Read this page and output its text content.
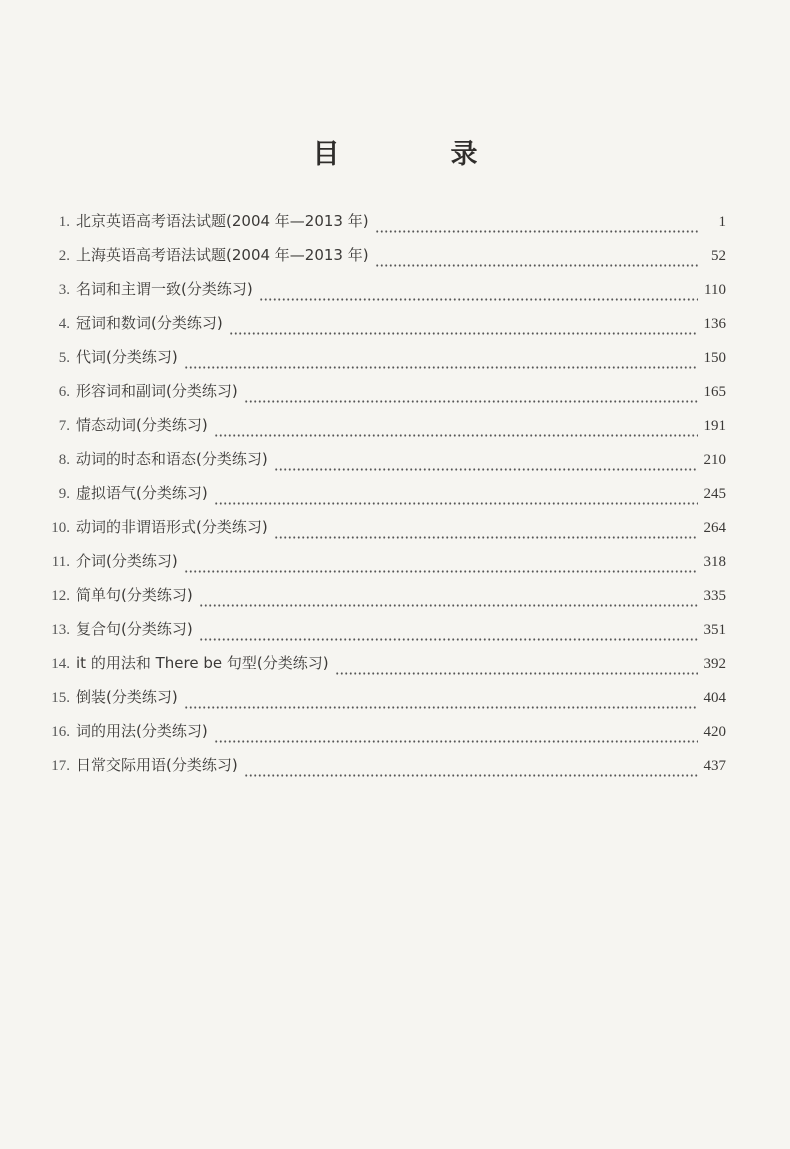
目　录
1. 北京英语高考语法试题(2004 年—2013 年)	1
2. 上海英语高考语法试题(2004 年—2013 年)	52
3. 名词和主谓一致(分类练习)	110
4. 冠词和数词(分类练习)	136
5. 代词(分类练习)	150
6. 形容词和副词(分类练习)	165
7. 情态动词(分类练习)	191
8. 动词的时态和语态(分类练习)	210
9. 虚拟语气(分类练习)	245
10. 动词的非谓语形式(分类练习)	264
11. 介词(分类练习)	318
12. 简单句(分类练习)	335
13. 复合句(分类练习)	351
14. it 的用法和 There be 句型(分类练习)	392
15. 倒装(分类练习)	404
16. 词的用法(分类练习)	420
17. 日常交际用语(分类练习)	437
